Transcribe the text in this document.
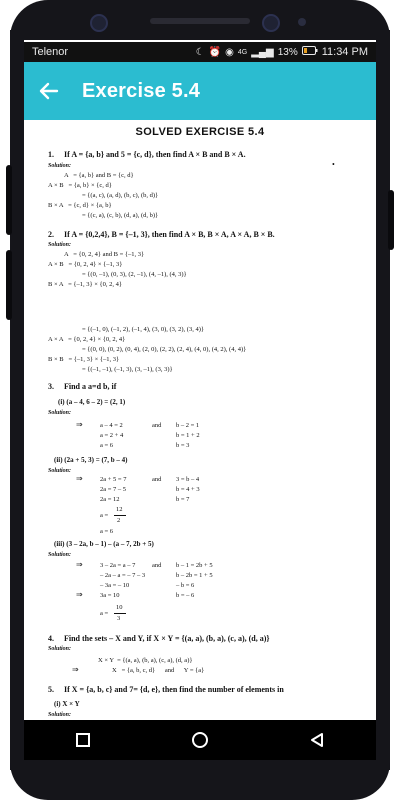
Telenor	☾ ⏰ ◉ 4G ▂▄▆ 13% 11:34 PM
Exercise 5.4
SOLVED EXERCISE 5.4
1. If A = {a, b} and 5 = {c, d}, then find A × B and B × A.
•
Solution:
A   = {a, b} and B = {c, d}
A × B   = {a, b} × {c, d}
= {(a, c), (a, d), (b, c), (b, d)}
B × A   = {c, d} × {a, b}
= {(c, a), (c, b), (d, a), (d, b)}
2. If A = {0,2,4}, B = {–1, 3}, then find A × B, B × A, A × A, B × B.
Solution:
A   = {0, 2, 4} and B = {–1, 3}
A × B   = {0, 2, 4} × {–1, 3}
= {(0, –1), (0, 3), (2, –1), (4, –1), (4, 3)}
B × A   = {–1, 3} × {0, 2, 4}
= {(–1, 0), (–1, 2), (–1, 4), (3, 0), (3, 2), (3, 4)}
A × A   = {0, 2, 4} × {0, 2, 4}
= {(0, 0), (0, 2), (0, 4), (2, 0), (2, 2), (2, 4), (4, 0), (4, 2), (4, 4)}
B × B   = {–1, 3} × {–1, 3}
= {(–1, –1), (–1, 3), (3, –1), (3, 3)}
3. Find a a=d b, if
(i) (a – 4, 6 – 2) = (2, 1)
Solution:
⇒	a – 4 = 2	and b – 2 = 1
a = 2 + 4	b = 1 + 2
a = 6	b = 3
(ii) (2a + 5, 3) = (7, b – 4)
Solution:
⇒	2a + 5 = 7	and 3 = b – 4
2a = 7 – 5	b = 4 + 3
2a = 12	b = 7
a =
12
2
a = 6
(iii) (3 – 2a, b – 1) – (a – 7, 2b + 5)
Solution:
⇒	3 – 2a = a – 7	and b – 1 = 2b + 5
– 2a – a = – 7 – 3	b – 2b = 1 + 5
– 3a = – 10	– b = 6
⇒	3a = 10	b = – 6
a =
10
3
4. Find the sets – X and Y, if X × Y = {(a, a), (b, a), (c, a), (d, a)}
Solution:
X × Y  = {(a, a), (b, a), (c, a), (d, a)}
⇒	X   = {a, b, c, d}      and      Y = {a}
5. If X = {a, b, c} and 7= {d, e}, then find the number of elements in
(i) X × Y
Solution:
